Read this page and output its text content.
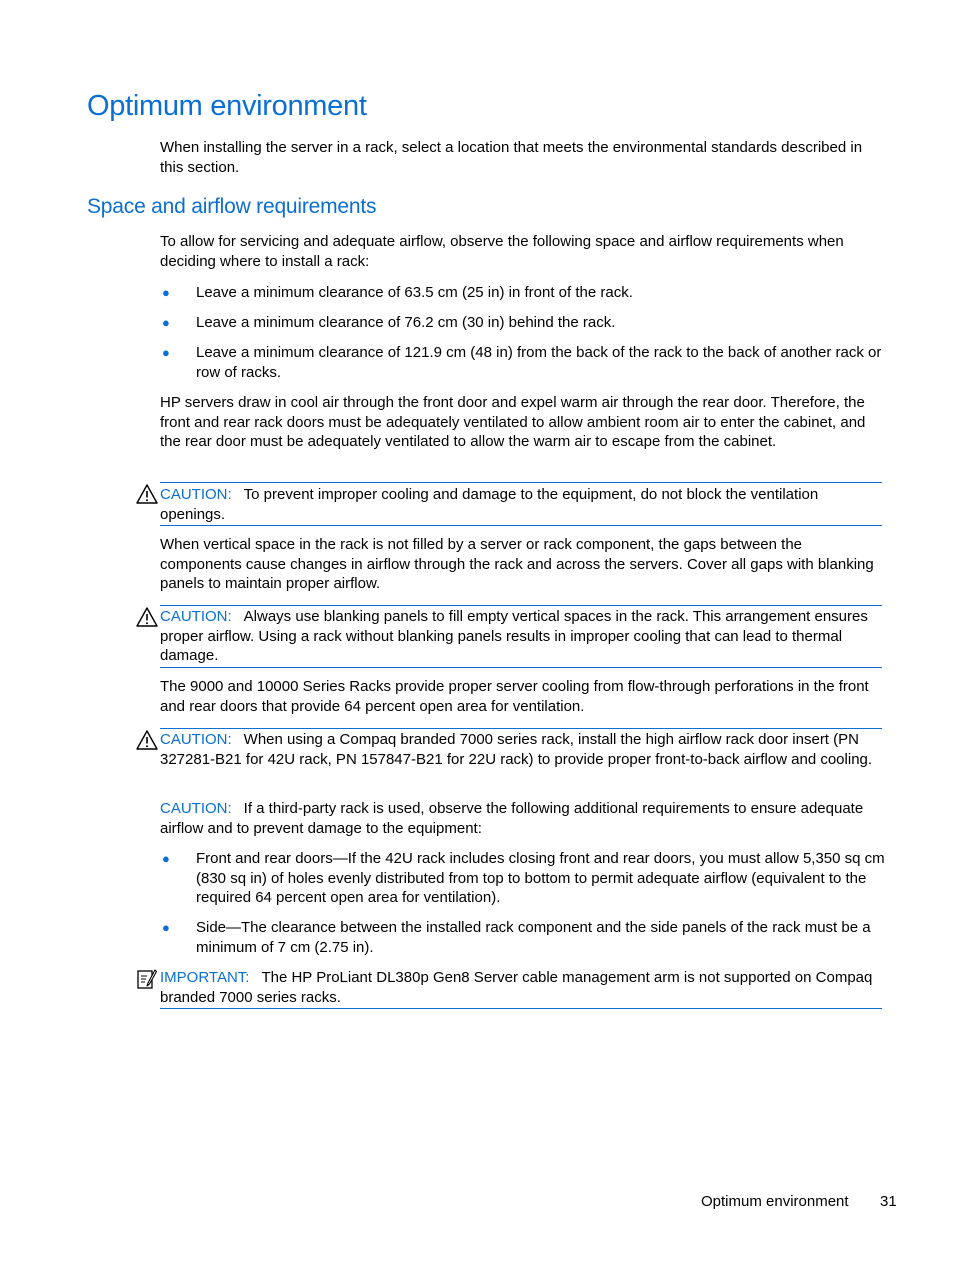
Optimum environment

When installing the server in a rack, select a location that meets the environmental standards described in this section.

Space and airflow requirements

To allow for servicing and adequate airflow, observe the following space and airflow requirements when deciding where to install a rack:

● Leave a minimum clearance of 63.5 cm (25 in) in front of the rack.
● Leave a minimum clearance of 76.2 cm (30 in) behind the rack.
● Leave a minimum clearance of 121.9 cm (48 in) from the back of the rack to the back of another rack or row of racks.

HP servers draw in cool air through the front door and expel warm air through the rear door. Therefore, the front and rear rack doors must be adequately ventilated to allow ambient room air to enter the cabinet, and the rear door must be adequately ventilated to allow the warm air to escape from the cabinet.

CAUTION: To prevent improper cooling and damage to the equipment, do not block the ventilation openings.

When vertical space in the rack is not filled by a server or rack component, the gaps between the components cause changes in airflow through the rack and across the servers. Cover all gaps with blanking panels to maintain proper airflow.

CAUTION: Always use blanking panels to fill empty vertical spaces in the rack. This arrangement ensures proper airflow. Using a rack without blanking panels results in improper cooling that can lead to thermal damage.

The 9000 and 10000 Series Racks provide proper server cooling from flow-through perforations in the front and rear doors that provide 64 percent open area for ventilation.

CAUTION: When using a Compaq branded 7000 series rack, install the high airflow rack door insert (PN 327281-B21 for 42U rack, PN 157847-B21 for 22U rack) to provide proper front-to-back airflow and cooling.
CAUTION: If a third-party rack is used, observe the following additional requirements to ensure adequate airflow and to prevent damage to the equipment:
● Front and rear doors—If the 42U rack includes closing front and rear doors, you must allow 5,350 sq cm (830 sq in) of holes evenly distributed from top to bottom to permit adequate airflow (equivalent to the required 64 percent open area for ventilation).
● Side—The clearance between the installed rack component and the side panels of the rack must be a minimum of 7 cm (2.75 in).
IMPORTANT: The HP ProLiant DL380p Gen8 Server cable management arm is not supported on Compaq branded 7000 series racks.
Optimum environment 31
